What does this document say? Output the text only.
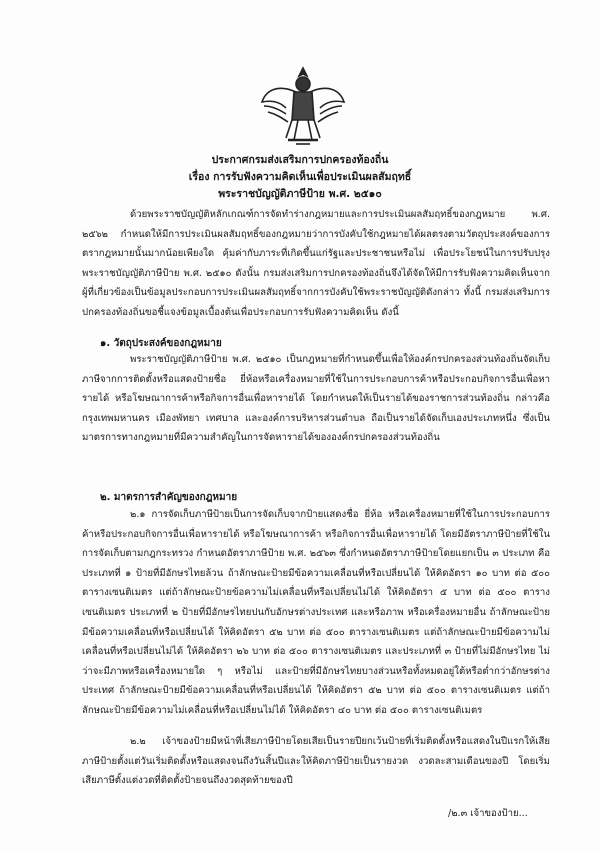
ประกาศกรมส่งเสริมการปกครองท้องถิ่น
เรื่อง การรับฟังความคิดเห็นเพื่อประเมินผลสัมฤทธิ์
พระราชบัญญัติภาษีป้าย พ.ศ. ๒๕๑๐
ด้วยพระราชบัญญัติหลักเกณฑ์การจัดทำร่างกฎหมายและการประเมินผลสัมฤทธิ์ของกฎหมาย พ.ศ. ๒๕๖๒ กำหนดให้มีการประเมินผลสัมฤทธิ์ของกฎหมายว่าการบังคับใช้กฎหมายได้ผลตรงตามวัตถุประสงค์ของการตรากฎหมายนั้นมากน้อยเพียงใด คุ้มค่ากับภาระที่เกิดขึ้นแก่รัฐและประชาชนหรือไม่ เพื่อประโยชน์ในการปรับปรุงพระราชบัญญัติภาษีป้าย พ.ศ. ๒๕๑๐ ดังนั้น กรมส่งเสริมการปกครองท้องถิ่นจึงได้จัดให้มีการรับฟังความคิดเห็นจากผู้ที่เกี่ยวข้องเป็นข้อมูลประกอบการประเมินผลสัมฤทธิ์จากการบังคับใช้พระราชบัญญัติดังกล่าว ทั้งนี้ กรมส่งเสริมการปกครองท้องถิ่นขอชี้แจงข้อมูลเบื้องต้นเพื่อประกอบการรับฟังความคิดเห็น ดังนี้
๑. วัตถุประสงค์ของกฎหมาย
พระราชบัญญัติภาษีป้าย พ.ศ. ๒๕๑๐ เป็นกฎหมายที่กำหนดขึ้นเพื่อให้องค์กรปกครองส่วนท้องถิ่นจัดเก็บภาษีจากการติดตั้งหรือแสดงป้ายชื่อ ยี่ห้อหรือเครื่องหมายที่ใช้ในการประกอบการค้าหรือประกอบกิจการอื่นเพื่อหารายได้ หรือโฆษณาการค้าหรือกิจการอื่นเพื่อหารายได้ โดยกำหนดให้เป็นรายได้ของราชการส่วนท้องถิ่น กล่าวคือ กรุงเทพมหานคร เมืองพัทยา เทศบาล และองค์การบริหารส่วนตำบล ถือเป็นรายได้จัดเก็บเองประเภทหนึ่ง ซึ่งเป็นมาตรการทางกฎหมายที่มีความสำคัญในการจัดหารายได้ขององค์กรปกครองส่วนท้องถิ่น
๒. มาตรการสำคัญของกฎหมาย
๒.๑ การจัดเก็บภาษีป้ายเป็นการจัดเก็บจากป้ายแสดงชื่อ ยี่ห้อ หรือเครื่องหมายที่ใช้ในการประกอบการค้าหรือประกอบกิจการอื่นเพื่อหารายได้ หรือโฆษณาการค้า หรือกิจการอื่นเพื่อหารายได้ โดยมีอัตราภาษีป้ายที่ใช้ในการจัดเก็บตามกฎกระทรวง กำหนดอัตราภาษีป้าย พ.ศ. ๒๕๖๓ ซึ่งกำหนดอัตราภาษีป้ายโดยแยกเป็น ๓ ประเภท คือ ประเภทที่ ๑ ป้ายที่มีอักษรไทยล้วน ถ้าลักษณะป้ายมีข้อความเคลื่อนที่หรือเปลี่ยนได้ ให้คิดอัตรา ๑๐ บาท ต่อ ๕๐๐ ตารางเซนติเมตร แต่ถ้าลักษณะป้ายข้อความไม่เคลื่อนที่หรือเปลี่ยนไม่ได้ ให้คิดอัตรา ๕ บาท ต่อ ๕๐๐ ตารางเซนติเมตร ประเภทที่ ๒ ป้ายที่มีอักษรไทยปนกับอักษรต่างประเทศ และหรือภาพ หรือเครื่องหมายอื่น ถ้าลักษณะป้ายมีข้อความเคลื่อนที่หรือเปลี่ยนได้ ให้คิดอัตรา ๕๒ บาท ต่อ ๕๐๐ ตารางเซนติเมตร แต่ถ้าลักษณะป้ายมีข้อความไม่เคลื่อนที่หรือเปลี่ยนไม่ได้ ให้คิดอัตรา ๒๖ บาท ต่อ ๕๐๐ ตารางเซนติเมตร และประเภทที่ ๓ ป้ายที่ไม่มีอักษรไทย ไม่ว่าจะมีภาพหรือเครื่องหมายใด ๆ หรือไม่ และป้ายที่มีอักษรไทยบางส่วนหรือทั้งหมดอยู่ใต้หรือต่ำกว่าอักษรต่างประเทศ ถ้าลักษณะป้ายมีข้อความเคลื่อนที่หรือเปลี่ยนได้ ให้คิดอัตรา ๕๒ บาท ต่อ ๕๐๐ ตารางเซนติเมตร แต่ถ้าลักษณะป้ายมีข้อความไม่เคลื่อนที่หรือเปลี่ยนไม่ได้ ให้คิดอัตรา ๔๐ บาท ต่อ ๕๐๐ ตารางเซนติเมตร
๒.๒ เจ้าของป้ายมีหน้าที่เสียภาษีป้ายโดยเสียเป็นรายปียกเว้นป้ายที่เริ่มติดตั้งหรือแสดงในปีแรกให้เสียภาษีป้ายตั้งแต่วันเริ่มติดตั้งหรือแสดงจนถึงวันสิ้นปีและให้คิดภาษีป้ายเป็นรายงวด งวดละสามเดือนของปี โดยเริ่มเสียภาษีตั้งแต่งวดที่ติดตั้งป้ายจนถึงงวดสุดท้ายของปี
/๒.๓ เจ้าของป้าย...
